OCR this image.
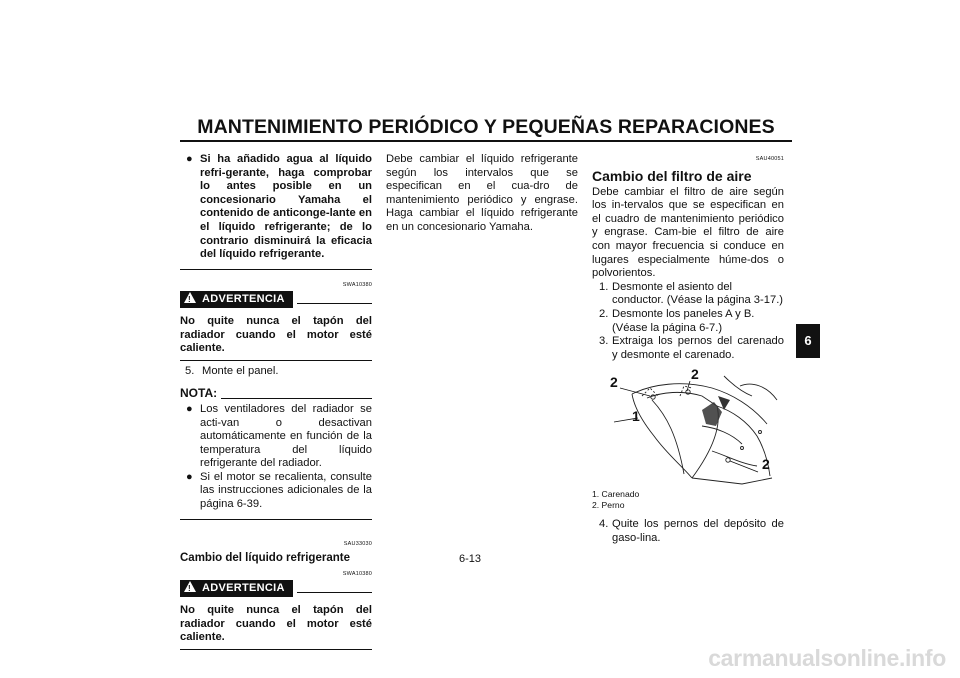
MANTENIMIENTO PERIÓDICO Y PEQUEÑAS REPARACIONES
● Si ha añadido agua al líquido refri-gerante, haga comprobar lo antes posible en un concesionario Yamaha el contenido de anticonge-lante en el líquido refrigerante; de lo contrario disminuirá la eficacia del líquido refrigerante.
SWA10380
!ADVERTENCIA
No quite nunca el tapón del radiador cuando el motor esté caliente.
5. Monte el panel.
NOTA:
● Los ventiladores del radiador se acti-van o desactivan automáticamente en función de la temperatura del líquido refrigerante del radiador.
● Si el motor se recalienta, consulte las instrucciones adicionales de la página 6-39.
SAU33030
Cambio del líquido refrigerante
SWA10380
!ADVERTENCIA
No quite nunca el tapón del radiador cuando el motor esté caliente.
Debe cambiar el líquido refrigerante según los intervalos que se especifican en el cua-dro de mantenimiento periódico y engrase. Haga cambiar el líquido refrigerante en un concesionario Yamaha.
SAU40051
Cambio del filtro de aire
Debe cambiar el filtro de aire según los in-tervalos que se especifican en el cuadro de mantenimiento periódico y engrase. Cam-bie el filtro de aire con mayor frecuencia si conduce en lugares especialmente húme-dos o polvorientos.
1. Desmonte el asiento del conductor. (Véase la página 3-17.)
2. Desmonte los paneles A y B. (Véase la página 6-7.)
3. Extraiga los pernos del carenado y desmonte el carenado.
2	2
1
2
1. Carenado
2. Perno
4. Quite los pernos del depósito de gaso-lina.
6
6-13
carmanualsonline.info
